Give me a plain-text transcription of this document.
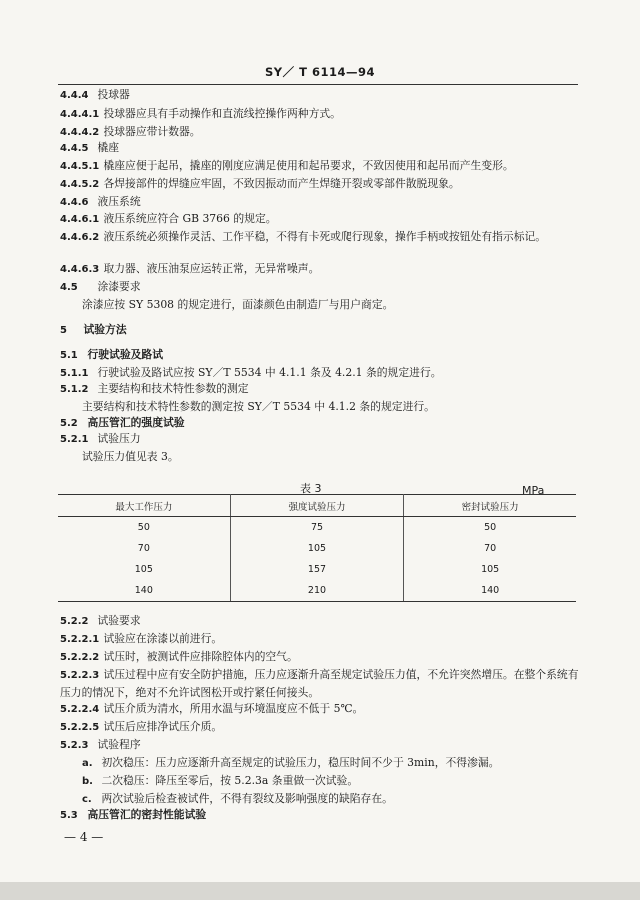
SY／ T 6114—94
4.4.4 投球器
4.4.4.1 投球器应具有手动操作和直流线控操作两种方式。
4.4.4.2 投球器应带计数器。
4.4.5 橇座
4.4.5.1 橇座应便于起吊，撬座的刚度应满足使用和起吊要求，不致因使用和起吊而产生变形。
4.4.5.2 各焊接部件的焊缝应牢固，不致因振动而产生焊缝开裂或零部件散脱现象。
4.4.6 液压系统
4.4.6.1 液压系统应符合 GB 3766 的规定。
4.4.6.2 液压系统必须操作灵活、工作平稳，不得有卡死或爬行现象，操作手柄或按钮处有指示标记。
4.4.6.3 取力器、液压油泵应运转正常，无异常噪声。
4.5 涂漆要求
涂漆应按 SY 5308 的规定进行，面漆颜色由制造厂与用户商定。
5 试验方法
5.1 行驶试验及路试
5.1.1 行驶试验及路试应按 SY／T 5534 中 4.1.1 条及 4.2.1 条的规定进行。
5.1.2 主要结构和技术特性参数的测定
主要结构和技术特性参数的测定按 SY／T 5534 中 4.1.2 条的规定进行。
5.2 高压管汇的强度试验
5.2.1 试验压力
试验压力值见表 3。
表 3	MPa
最大工作压力	强度试验压力	密封试验压力
50	75	50
70	105	70
105	157	105
140	210	140
5.2.2 试验要求
5.2.2.1 试验应在涂漆以前进行。
5.2.2.2 试压时，被测试件应排除腔体内的空气。
5.2.2.3 试压过程中应有安全防护措施，压力应逐渐升高至规定试验压力值，不允许突然增压。在整个系统有压力的情况下，绝对不允许试图松开或拧紧任何接头。
5.2.2.4 试压介质为清水，所用水温与环境温度应不低于 5℃。
5.2.2.5 试压后应排净试压介质。
5.2.3 试验程序
a. 初次稳压：压力应逐渐升高至规定的试验压力，稳压时间不少于 3min，不得渗漏。
b. 二次稳压：降压至零后，按 5.2.3a 条重做一次试验。
c. 两次试验后检查被试件，不得有裂纹及影响强度的缺陷存在。
5.3 高压管汇的密封性能试验
— 4 —
